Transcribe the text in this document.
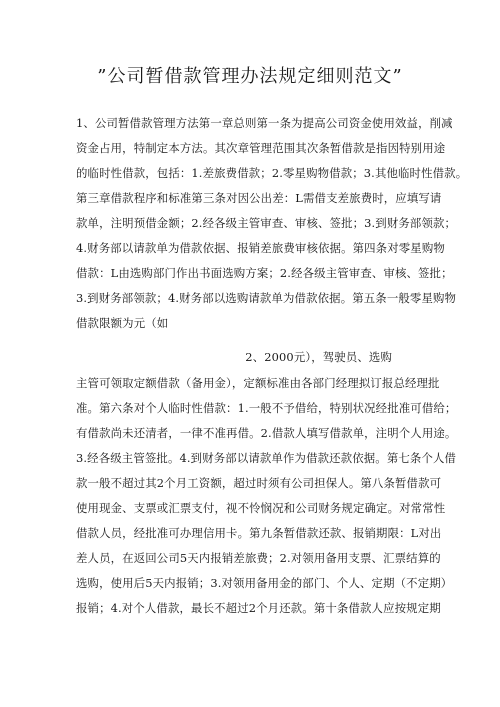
”公司暂借款管理办法规定细则范文”
1、公司暂借款管理方法第一章总则第一条为提高公司资金使用效益，削减
资金占用，特制定本方法。其次章管理范围其次条暂借款是指因特别用途
的临时性借款，包括：1.差旅费借款；2.零星购物借款；3.其他临时性借款。
第三章借款程序和标准第三条对因公出差：L需借支差旅费时，应填写请
款单，注明预借金额；2.经各级主管审查、审核、签批；3.到财务部领款；
4.财务部以请款单为借款依据、报销差旅费审核依据。第四条对零星购物
借款：L由选购部门作出书面选购方案；2.经各级主管审查、审核、签批；
3.到财务部领款；4.财务部以选购请款单为借款依据。第五条一般零星购物
借款限额为元（如
2、2000元），驾驶员、选购
主管可领取定额借款（备用金），定额标准由各部门经理拟订报总经理批
准。第六条对个人临时性借款：1.一般不予借给，特别状况经批准可借给；
有借款尚未还清者，一律不准再借。2.借款人填写借款单，注明个人用途。
3.经各级主管签批。4.到财务部以请款单作为借款还款依据。第七条个人借
款一般不超过其2个月工资额，超过时须有公司担保人。第八条暂借款可
使用现金、支票或汇票支付，视不怜悯况和公司财务规定确定。对常常性
借款人员，经批准可办理信用卡。第九条暂借款还款、报销期限：L对出
差人员，在返回公司5天内报销差旅费；2.对领用备用支票、汇票结算的
选购，使用后5天内报销；3.对领用备用金的部门、个人、定期（不定期）
报销；4.对个人借款，最长不超过2个月还款。第十条借款人应按规定期
